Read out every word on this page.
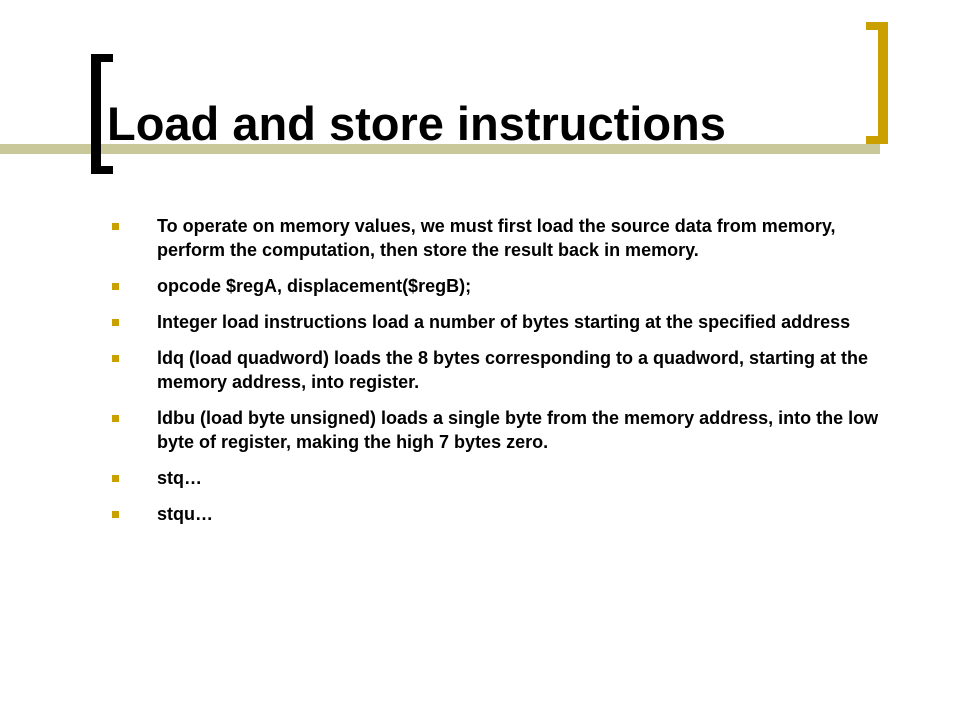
Load and store instructions
To operate on memory values, we must first load the source data from memory, perform the computation, then store the result back in memory.
opcode $regA, displacement($regB);
Integer load instructions load a number of bytes starting at the specified address
ldq (load quadword) loads the 8 bytes corresponding to a quadword, starting at the memory address, into register.
ldbu (load byte unsigned) loads a single byte from the memory address, into the low byte of register, making the high 7 bytes zero.
stq…
stqu…
